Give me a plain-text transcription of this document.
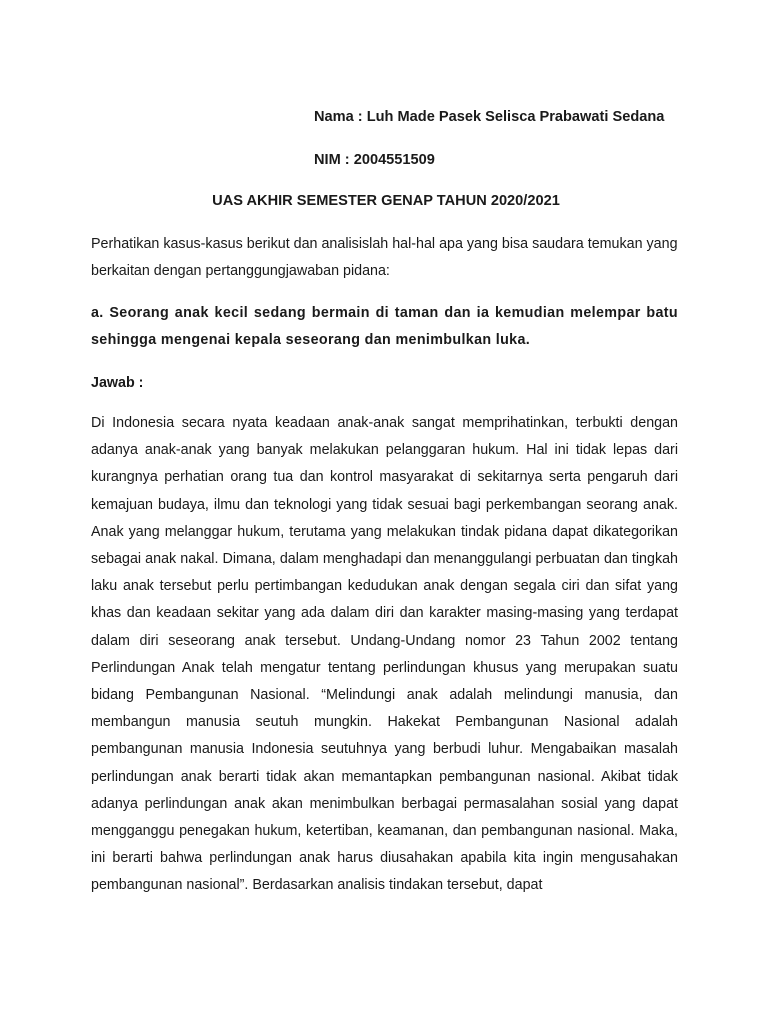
Nama : Luh Made Pasek Selisca Prabawati Sedana
NIM : 2004551509
UAS AKHIR SEMESTER GENAP TAHUN 2020/2021

Perhatikan kasus-kasus berikut dan analisislah hal-hal apa yang bisa saudara temukan yang berkaitan dengan pertanggungjawaban pidana:

a. Seorang anak kecil sedang bermain di taman dan ia kemudian melempar batu sehingga mengenai kepala seseorang dan menimbulkan luka.

Jawab :

Di Indonesia secara nyata keadaan anak-anak sangat memprihatinkan, terbukti dengan adanya anak-anak yang banyak melakukan pelanggaran hukum. Hal ini tidak lepas dari kurangnya perhatian orang tua dan kontrol masyarakat di sekitarnya serta pengaruh dari kemajuan budaya, ilmu dan teknologi yang tidak sesuai bagi perkembangan seorang anak. Anak yang melanggar hukum, terutama yang melakukan tindak pidana dapat dikategorikan sebagai anak nakal. Dimana, dalam menghadapi dan menanggulangi perbuatan dan tingkah laku anak tersebut perlu pertimbangan kedudukan anak dengan segala ciri dan sifat yang khas dan keadaan sekitar yang ada dalam diri dan karakter masing-masing yang terdapat dalam diri seseorang anak tersebut. Undang-Undang nomor 23 Tahun 2002 tentang Perlindungan Anak telah mengatur tentang perlindungan khusus yang merupakan suatu bidang Pembangunan Nasional. “Melindungi anak adalah melindungi manusia, dan membangun manusia seutuh mungkin. Hakekat Pembangunan Nasional adalah pembangunan manusia Indonesia seutuhnya yang berbudi luhur. Mengabaikan masalah perlindungan anak berarti tidak akan memantapkan pembangunan nasional. Akibat tidak adanya perlindungan anak akan menimbulkan berbagai permasalahan sosial yang dapat mengganggu penegakan hukum, ketertiban, keamanan, dan pembangunan nasional. Maka, ini berarti bahwa perlindungan anak harus diusahakan apabila kita ingin mengusahakan pembangunan nasional”. Berdasarkan analisis tindakan tersebut, dapat
